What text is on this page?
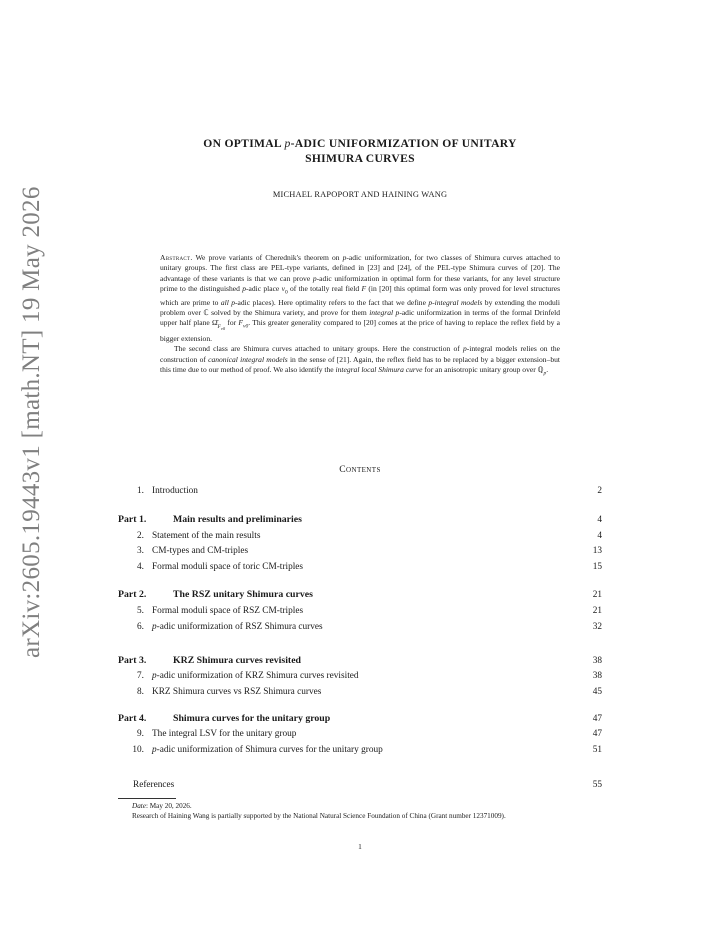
arXiv:2605.19443v1 [math.NT] 19 May 2026
ON OPTIMAL p-ADIC UNIFORMIZATION OF UNITARY
SHIMURA CURVES
MICHAEL RAPOPORT AND HAINING WANG

Abstract. We prove variants of Cherednik's theorem on p-adic uniformization, for two classes of Shimura curves attached to unitary groups. The first class are PEL-type variants, defined in [23] and [24], of the PEL-type Shimura curves of [20]. The advantage of these variants is that we can prove p-adic uniformization in optimal form for these variants, for any level structure prime to the distinguished p-adic place $v_0$ of the totally real field F (in [20] this optimal form was only proved for level structures which are prime to all p-adic places). Here optimality refers to the fact that we define p-integral models by extending the moduli problem over ℂ solved by the Shimura variety, and prove for them integral p-adic uniformization in terms of the formal Drinfeld upper half plane $\Omegâ_{F_{v0}}$ for $F_{v0}$. This greater generality compared to [20] comes at the price of having to replace the reflex field by a bigger extension.

The second class are Shimura curves attached to unitary groups. Here the construction of p-integral models relies on the construction of canonical integral models in the sense of [21]. Again, the reflex field has to be replaced by a bigger extension–but this time due to our method of proof. We also identify the integral local Shimura curve for an anisotropic unitary group over ℚ$_p$.

Contents
1. Introduction	2
Part 1.	Main results and preliminaries	4
2. Statement of the main results	4
3. CM-types and CM-triples	13
4. Formal moduli space of toric CM-triples	15
Part 2.	The RSZ unitary Shimura curves	21
5. Formal moduli space of RSZ CM-triples	21
6. p-adic uniformization of RSZ Shimura curves	32
Part 3.	KRZ Shimura curves revisited	38
7. p-adic uniformization of KRZ Shimura curves revisited	38
8. KRZ Shimura curves vs RSZ Shimura curves	45
Part 4.	Shimura curves for the unitary group	47
9. The integral LSV for the unitary group	47
10. p-adic uniformization of Shimura curves for the unitary group	51
References	55

Date: May 20, 2026.

Research of Haining Wang is partially supported by the National Natural Science Foundation of China (Grant number 12371009).

1
